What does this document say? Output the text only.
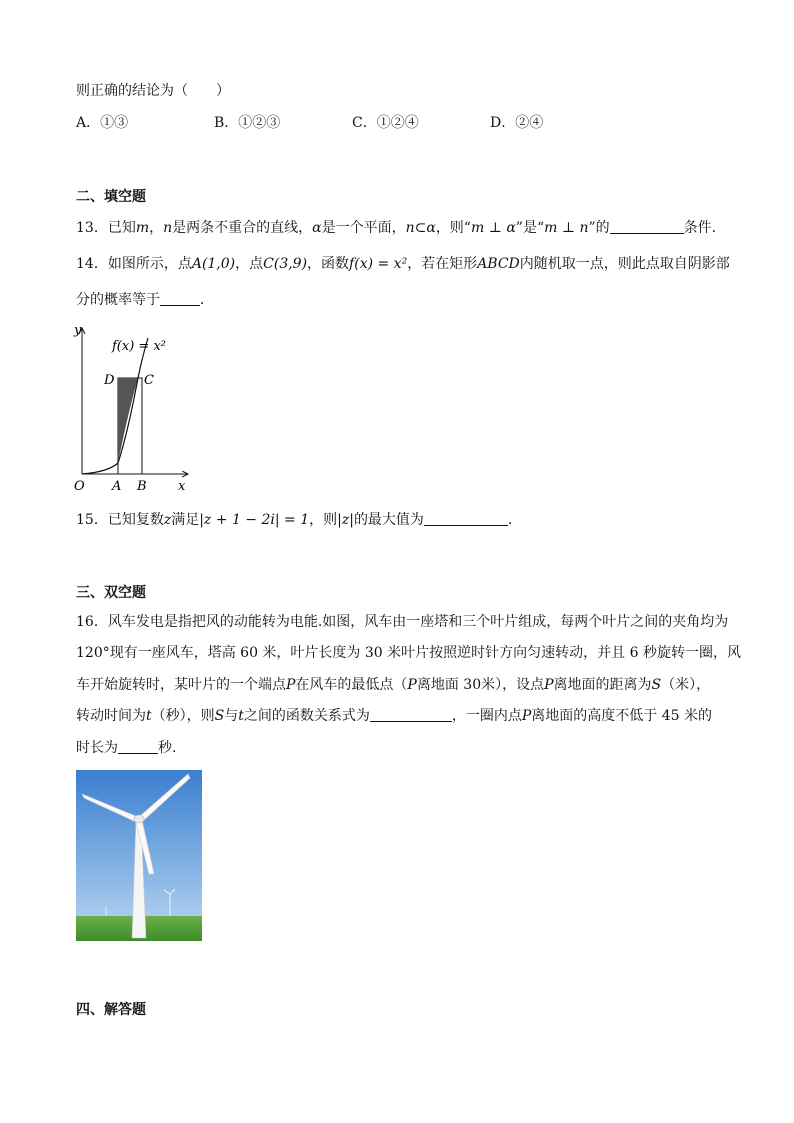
则正确的结论为（　　）
A．①③	B．①②③	C．①②④	D．②④
二、填空题
13．已知m，n是两条不重合的直线，α是一个平面，n⊂α，则“m ⊥ α”是“m ⊥ n”的	条件．
14．如图所示，点A(1,0)，点C(3,9)，函数f(x) = x²，若在矩形ABCD内随机取一点，则此点取自阴影部
分的概率等于	．
y
x
O A B
C
D
f(x) = x²
15．已知复数z满足|z + 1 − 2i| = 1，则|z|的最大值为	．
三、双空题
16．风车发电是指把风的动能转为电能.如图，风车由一座塔和三个叶片组成，每两个叶片之间的夹角均为
120°现有一座风车，塔高 60 米，叶片长度为 30 米叶片按照逆时针方向匀速转动，并且 6 秒旋转一圈，风
车开始旋转时，某叶片的一个端点P在风车的最低点（P离地面 30米），设点P离地面的距离为S（米），
转动时间为t（秒），则S与t之间的函数关系式为	，一圈内点P离地面的高度不低于 45 米的
时长为	秒.
四、解答题
